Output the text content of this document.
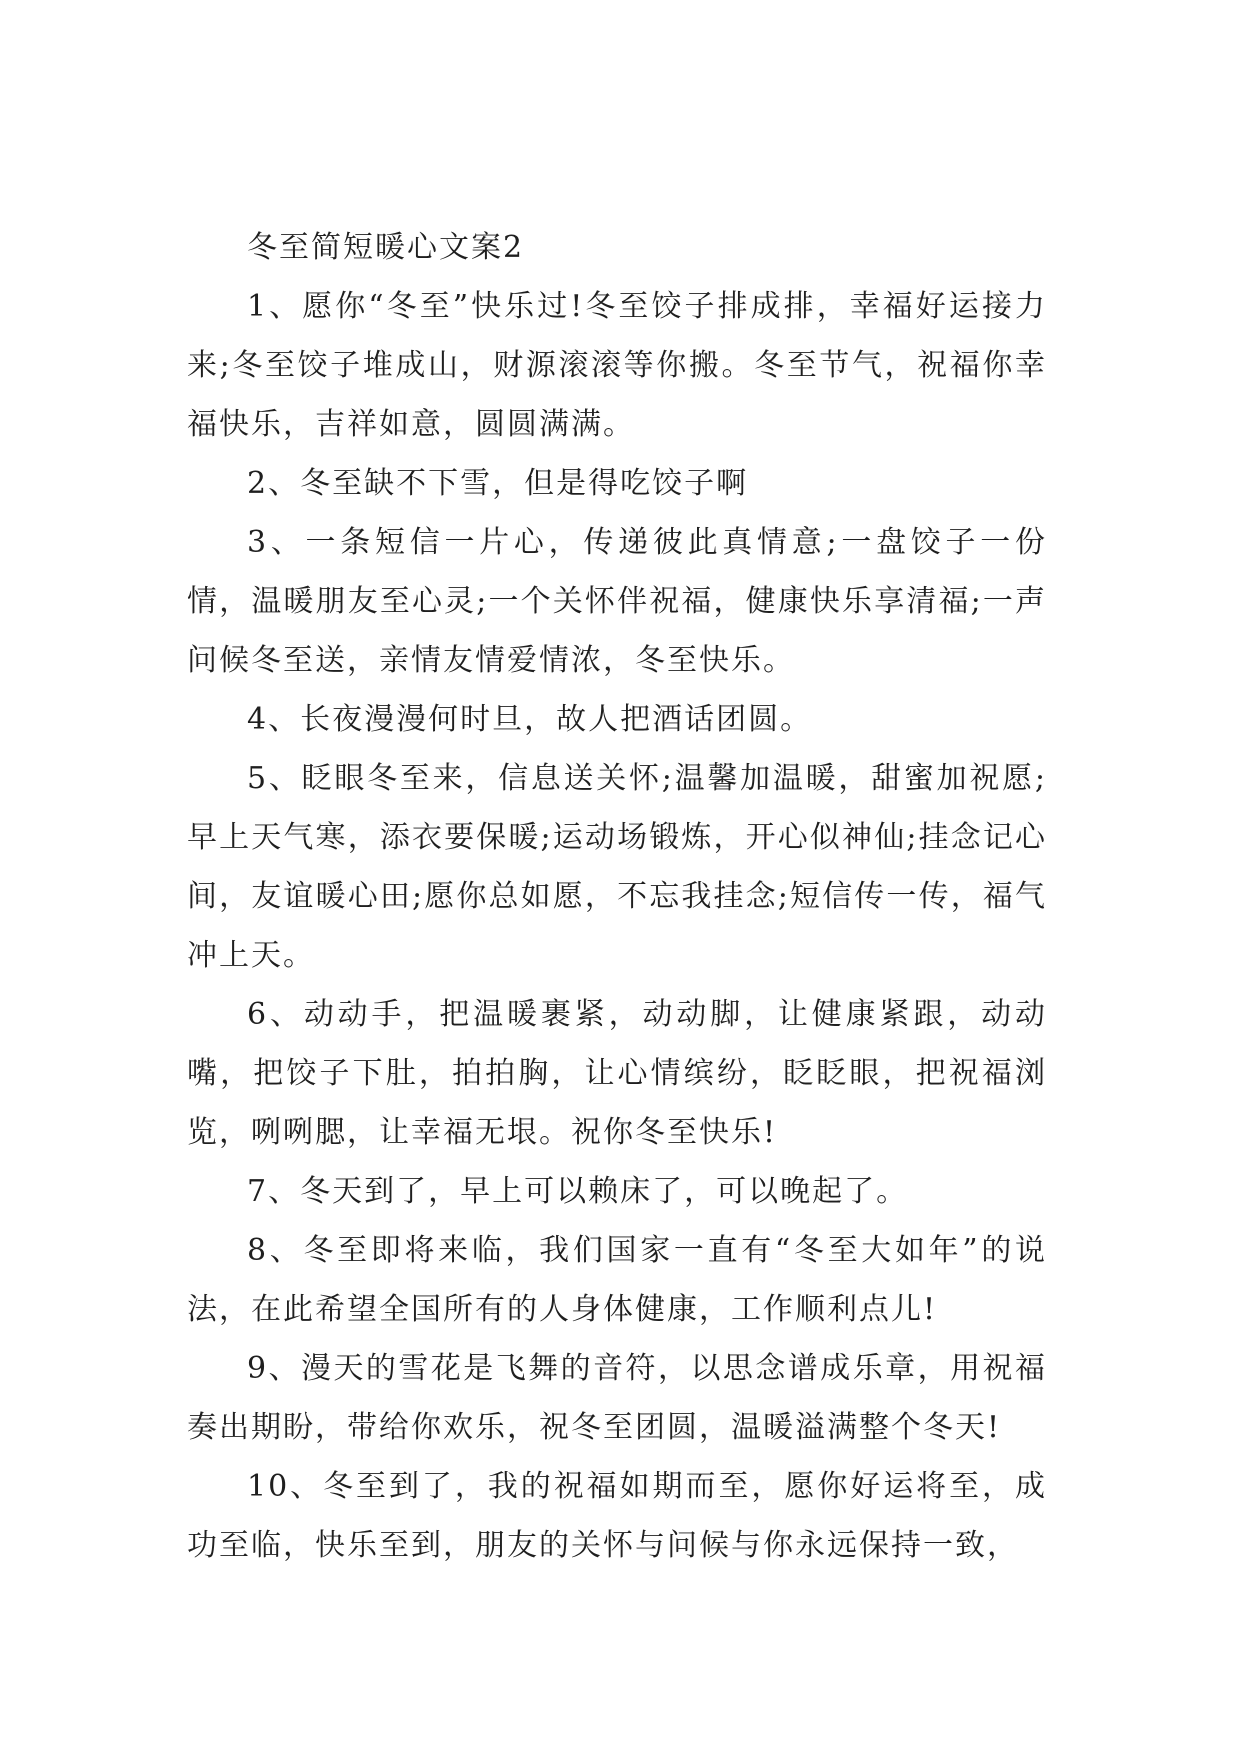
冬至简短暖心文案2

1、愿你“冬至”快乐过!冬至饺子排成排，幸福好运接力来;冬至饺子堆成山，财源滚滚等你搬。冬至节气，祝福你幸福快乐，吉祥如意，圆圆满满。

2、冬至缺不下雪，但是得吃饺子啊

3、一条短信一片心，传递彼此真情意;一盘饺子一份情，温暖朋友至心灵;一个关怀伴祝福，健康快乐享清福;一声问候冬至送，亲情友情爱情浓，冬至快乐。

4、长夜漫漫何时旦，故人把酒话团圆。

5、眨眼冬至来，信息送关怀;温馨加温暖，甜蜜加祝愿;早上天气寒，添衣要保暖;运动场锻炼，开心似神仙;挂念记心间，友谊暖心田;愿你总如愿，不忘我挂念;短信传一传，福气冲上天。

6、动动手，把温暖裹紧，动动脚，让健康紧跟，动动嘴，把饺子下肚，拍拍胸，让心情缤纷，眨眨眼，把祝福浏览，咧咧腮，让幸福无垠。祝你冬至快乐!

7、冬天到了，早上可以赖床了，可以晚起了。

8、冬至即将来临，我们国家一直有“冬至大如年”的说法，在此希望全国所有的人身体健康，工作顺利点儿!

9、漫天的雪花是飞舞的音符，以思念谱成乐章，用祝福奏出期盼，带给你欢乐，祝冬至团圆，温暖溢满整个冬天!

10、冬至到了，我的祝福如期而至，愿你好运将至，成功至临，快乐至到，朋友的关怀与问候与你永远保持一致，
